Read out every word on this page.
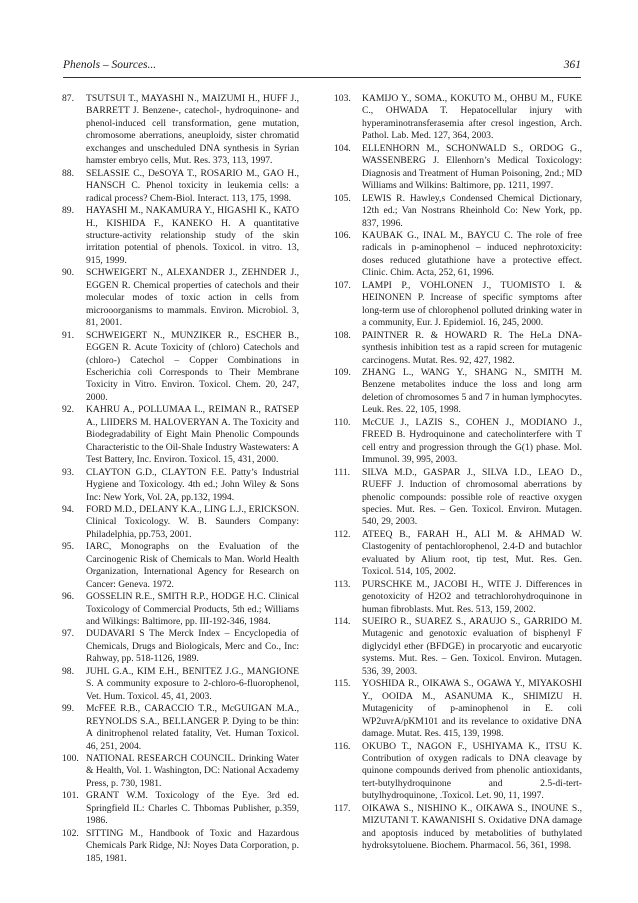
Phenols – Sources...	361
87.	TSUTSUI T., MAYASHI N., MAIZUMI H., HUFF J., BARRETT J. Benzene-, catechol-, hydroquinone- and phenol-induced cell transformation, gene mutation, chromosome aberrations, aneuploidy, sister chromatid exchanges and unscheduled DNA synthesis in Syrian hamster embryo cells, Mut. Res. 373, 113, 1997.
88.	SELASSIE C., DeSOYA T., ROSARIO M., GAO H., HANSCH C. Phenol toxicity in leukemia cells: a radical process? Chem-Biol. Interact. 113, 175, 1998.
89.	HAYASHI M., NAKAMURA Y., HIGASHI K., KATO H., KISHIDA F., KANEKO H. A quantitative structure-activity relationship study of the skin irritation potential of phenols. Toxicol. in vitro. 13, 915, 1999.
90.	SCHWEIGERT N., ALEXANDER J., ZEHNDER J., EGGEN R. Chemical properties of catechols and their molecular modes of toxic action in cells from microoorganisms to mammals. Environ. Microbiol. 3, 81, 2001.
91.	SCHWEIGERT N., MUNZIKER R., ESCHER B., EGGEN R. Acute Toxicity of (chloro) Catechols and (chloro-) Catechol – Copper Combinations in Escherichia coli Corresponds to Their Membrane Toxicity in Vitro. Environ. Toxicol. Chem. 20, 247, 2000.
92.	KAHRU A., POLLUMAA L., REIMAN R., RATSEP A., LIIDERS M. HALOVERYAN A. The Toxicity and Biodegradability of Eight Main Phenolic Compounds Characteristic to the Oil-Shale Industry Wastewaters: A Test Battery, Inc. Environ. Toxicol. 15, 431, 2000.
93.	CLAYTON G.D., CLAYTON F.E. Patty’s Industrial Hygiene and Toxicology. 4th ed.; John Wiley & Sons Inc: New York, Vol. 2A, pp.132, 1994.
94.	FORD M.D., DELANY K.A., LING L.J., ERICKSON. Clinical Toxicology. W. B. Saunders Company: Philadelphia, pp.753, 2001.
95.	IARC, Monographs on the Evaluation of the Carcinogenic Risk of Chemicals to Man. World Health Organization, International Agency for Research on Cancer: Geneva. 1972.
96.	GOSSELIN R.E., SMITH R.P., HODGE H.C. Clinical Toxicology of Commercial Products, 5th ed.; Williams and Wilkings: Baltimore, pp. III-192-346, 1984.
97.	DUDAVARI S The Merck Index – Encyclopedia of Chemicals, Drugs and Biologicals, Merc and Co., Inc: Rahway, pp. 518-1126, 1989.
98.	JUHL G.A., KIM E.H., BENITEZ J.G., MANGIONE S. A community exposure to 2-chloro-6-fluorophenol, Vet. Hum. Toxicol. 45, 41, 2003.
99.	McFEE R.B., CARACCIO T.R., McGUIGAN M.A., REYNOLDS S.A., BELLANGER P. Dying to be thin: A dinitrophenol related fatality, Vet. Human Toxicol. 46, 251, 2004.
100. NATIONAL RESEARCH COUNCIL. Drinking Water & Health, Vol. 1. Washington, DC: National Acxademy Press, p. 730, 1981.
101. GRANT W.M. Toxicology of the Eye. 3rd ed. Springfield IL: Charles C. Thbomas Publisher, p.359, 1986.
102. SITTING M., Handbook of Toxic and Hazardous Chemicals Park Ridge, NJ: Noyes Data Corporation, p. 185, 1981.
103.	KAMIJO Y., SOMA., KOKUTO M., OHBU M., FUKE C., OHWADA T. Hepatocellular injury with hyperaminotransferasemia after cresol ingestion, Arch. Pathol. Lab. Med. 127, 364, 2003.
104.	ELLENHORN M., SCHONWALD S., ORDOG G., WASSENBERG J. Ellenhorn’s Medical Toxicology: Diagnosis and Treatment of Human Poisoning, 2nd.; MD Williams and Wilkins: Baltimore, pp. 1211, 1997.
105.	LEWIS R. Hawley,s Condensed Chemical Dictionary, 12th ed.; Van Nostrans Rheinhold Co: New York, pp. 837, 1996.
106.	KAUBAK G., INAL M., BAYCU C. The role of free radicals in p-aminophenol – induced nephrotoxicity: doses reduced glutathione have a protective effect. Clinic. Chim. Acta, 252, 61, 1996.
107.	LAMPI P., VOHLONEN J., TUOMISTO I. & HEINONEN P. Increase of specific symptoms after long-term use of chlorophenol polluted drinking water in a community, Eur. J. Epidemiol. 16, 245, 2000.
108.	PAINTNER R. & HOWARD R. The HeLa DNA-synthesis inhibition test as a rapid screen for mutagenic carcinogens. Mutat. Res. 92, 427, 1982.
109.	ZHANG L., WANG Y., SHANG N., SMITH M. Benzene metabolites induce the loss and long arm deletion of chromosomes 5 and 7 in human lymphocytes. Leuk. Res. 22, 105, 1998.
110.	McCUE J., LAZIS S., COHEN J., MODIANO J., FREED B. Hydroquinone and catecholinterfere with T cell entry and progression through the G(1) phase. Mol. Immunol. 39, 995, 2003.
111.	SILVA M.D., GASPAR J., SILVA I.D., LEAO D., RUEFF J. Induction of chromosomal aberrations by phenolic compounds: possible role of reactive oxygen species. Mut. Res. – Gen. Toxicol. Environ. Mutagen. 540, 29, 2003.
112.	ATEEQ B., FARAH H., ALI M. & AHMAD W. Clastogenity of pentachlorophenol, 2.4-D and butachlor evaluated by Alium root, tip test, Mut. Res. Gen. Toxicol. 514, 105, 2002.
113.	PURSCHKE M., JACOBI H., WITE J. Differences in genotoxicity of H2O2 and tetrachlorohydroquinone in human fibroblasts. Mut. Res. 513, 159, 2002.
114.	SUEIRO R., SUAREZ S., ARAUJO S., GARRIDO M. Mutagenic and genotoxic evaluation of bisphenyl F diglycidyl ether (BFDGE) in procaryotic and eucaryotic systems. Mut. Res. – Gen. Toxicol. Environ. Mutagen. 536, 39, 2003.
115.	YOSHIDA R., OIKAWA S., OGAWA Y., MIYAKOSHI Y., OOIDA M., ASANUMA K., SHIMIZU H. Mutagenicity of p-aminophenol in E. coli WP2uvrA/pKM101 and its revelance to oxidative DNA damage. Mutat. Res. 415, 139, 1998.
116.	OKUBO T., NAGON F., USHIYAMA K., ITSU K. Contribution of oxygen radicals to DNA cleavage by quinone compounds derived from phenolic antioxidants, tert-butylhydroquinone and 2.5-di-tert-butylhydroquinone, .Toxicol. Let. 90, 11, 1997.
117.	OIKAWA S., NISHINO K., OIKAWA S., INOUNE S., MIZUTANI T. KAWANISHI S. Oxidative DNA damage and apoptosis induced by metabolities of buthylated hydroksytoluene. Biochem. Pharmacol. 56, 361, 1998.
